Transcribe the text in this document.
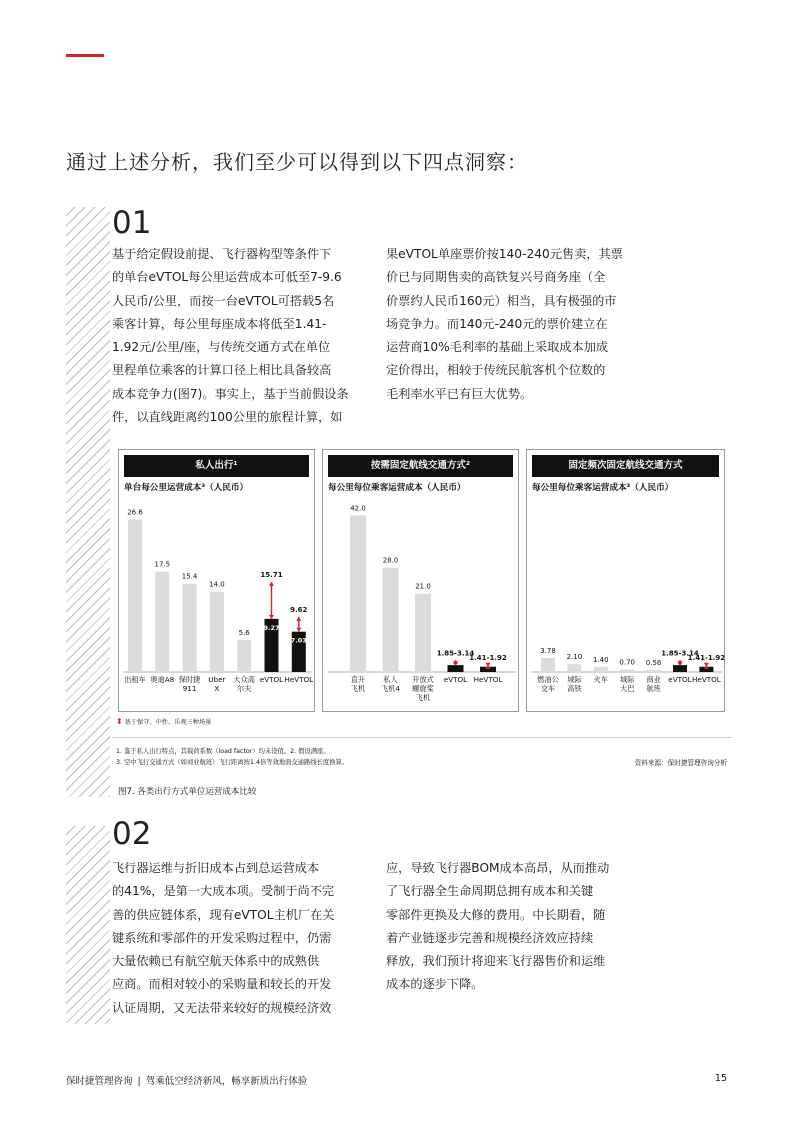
通过上述分析，我们至少可以得到以下四点洞察：
01

基于给定假设前提、飞行器构型等条件下
的单台eVTOL每公里运营成本可低至7-9.6
人民币/公里，而按一台eVTOL可搭载5名
乘客计算，每公里每座成本将低至1.41-
1.92元/公里/座，与传统交通方式在单位
里程单位乘客的计算口径上相比具备较高
成本竞争力(图7)。事实上，基于当前假设条
件，以直线距离约100公里的旅程计算，如

果eVTOL单座票价按140-240元售卖，其票
价已与同期售卖的高铁复兴号商务座（全
价票约人民币160元）相当，具有极强的市
场竞争力。而140元-240元的票价建立在
运营商10%毛利率的基础上采取成本加成
定价得出，相较于传统民航客机个位数的
毛利率水平已有巨大优势。

私人出行¹
单台每公里运营成本³（人民币）
26.6
出租车
17.5
奥迪A8
15.4
保时捷
911
14.0
Uber
X
5.6
大众高
尔夫
15.71
9.27
eVTOL
9.62
7.03
HeVTOL
按需固定航线交通方式²
每公里每位乘客运营成本（人民币）
42.0
直升
飞机
28.0
私人
飞机4
21.0
开放式
螺旋桨
飞机
1.85-3.14
eVTOL
1.41-1.92
HeVTOL
固定频次固定航线交通方式
每公里每位乘客运营成本³（人民币）
3.78
燃油公
交车
2.10
城际
高铁
1.40
火车
0.70
城际
大巴
0.56
商业
航班
1.85-3.14
eVTOL
1.41-1.92
HeVTOL
⬍ 基于保守、中性、乐观三种场景
1. 鉴于私人出行特点，其载荷系数（load factor）均未设值。2. 假设满座。
3. 空中飞行交通方式（如商业航班）飞行距离按1.4倍等效地面交通路线长度换算。	资料来源：保时捷管理咨询分析
图7. 各类出行方式单位运营成本比较
02

飞行器运维与折旧成本占到总运营成本
的41%，是第一大成本项。受制于尚不完
善的供应链体系，现有eVTOL主机厂在关
键系统和零部件的开发采购过程中，仍需
大量依赖已有航空航天体系中的成熟供
应商。而相对较小的采购量和较长的开发
认证周期，又无法带来较好的规模经济效

应，导致飞行器BOM成本高昂，从而推动
了飞行器全生命周期总拥有成本和关键
零部件更换及大修的费用。中长期看，随
着产业链逐步完善和规模经济效应持续
释放，我们预计将迎来飞行器售价和运维
成本的逐步下降。

保时捷管理咨询 | 驾乘低空经济新风，畅享新质出行体验	15
